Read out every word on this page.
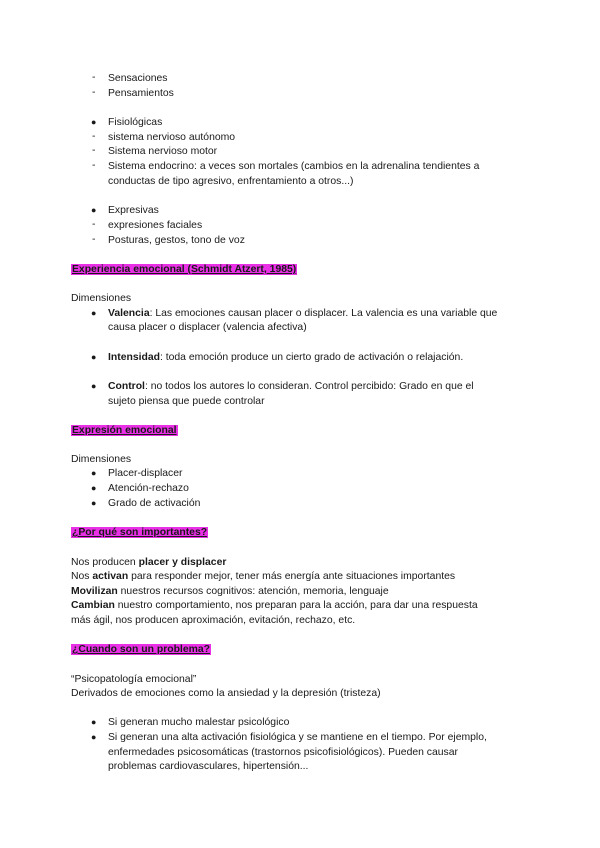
- Sensaciones
- Pensamientos
● Fisiológicas
- sistema nervioso autónomo
- Sistema nervioso motor
- Sistema endocrino: a veces son mortales (cambios en la adrenalina tendientes a
conductas de tipo agresivo, enfrentamiento a otros...)
● Expresivas
- expresiones faciales
- Posturas, gestos, tono de voz
Experiencia emocional (Schmidt Atzert, 1985)
Dimensiones
● Valencia: Las emociones causan placer o displacer. La valencia es una variable que
causa placer o displacer (valencia afectiva)
● Intensidad: toda emoción produce un cierto grado de activación o relajación.
● Control: no todos los autores lo consideran. Control percibido: Grado en que el
sujeto piensa que puede controlar
Expresión emocional
Dimensiones
● Placer-displacer
● Atención-rechazo
● Grado de activación
¿Por qué son importantes?
Nos producen placer y displacer
Nos activan para responder mejor, tener más energía ante situaciones importantes
Movilizan nuestros recursos cognitivos: atención, memoria, lenguaje
Cambian nuestro comportamiento, nos preparan para la acción, para dar una respuesta
más ágil, nos producen aproximación, evitación, rechazo, etc.
¿Cuando son un problema?
“Psicopatología emocional”
Derivados de emociones como la ansiedad y la depresión (tristeza)
● Si generan mucho malestar psicológico
● Si generan una alta activación fisiológica y se mantiene en el tiempo. Por ejemplo,
enfermedades psicosomáticas (trastornos psicofisiológicos). Pueden causar
problemas cardiovasculares, hipertensión...
